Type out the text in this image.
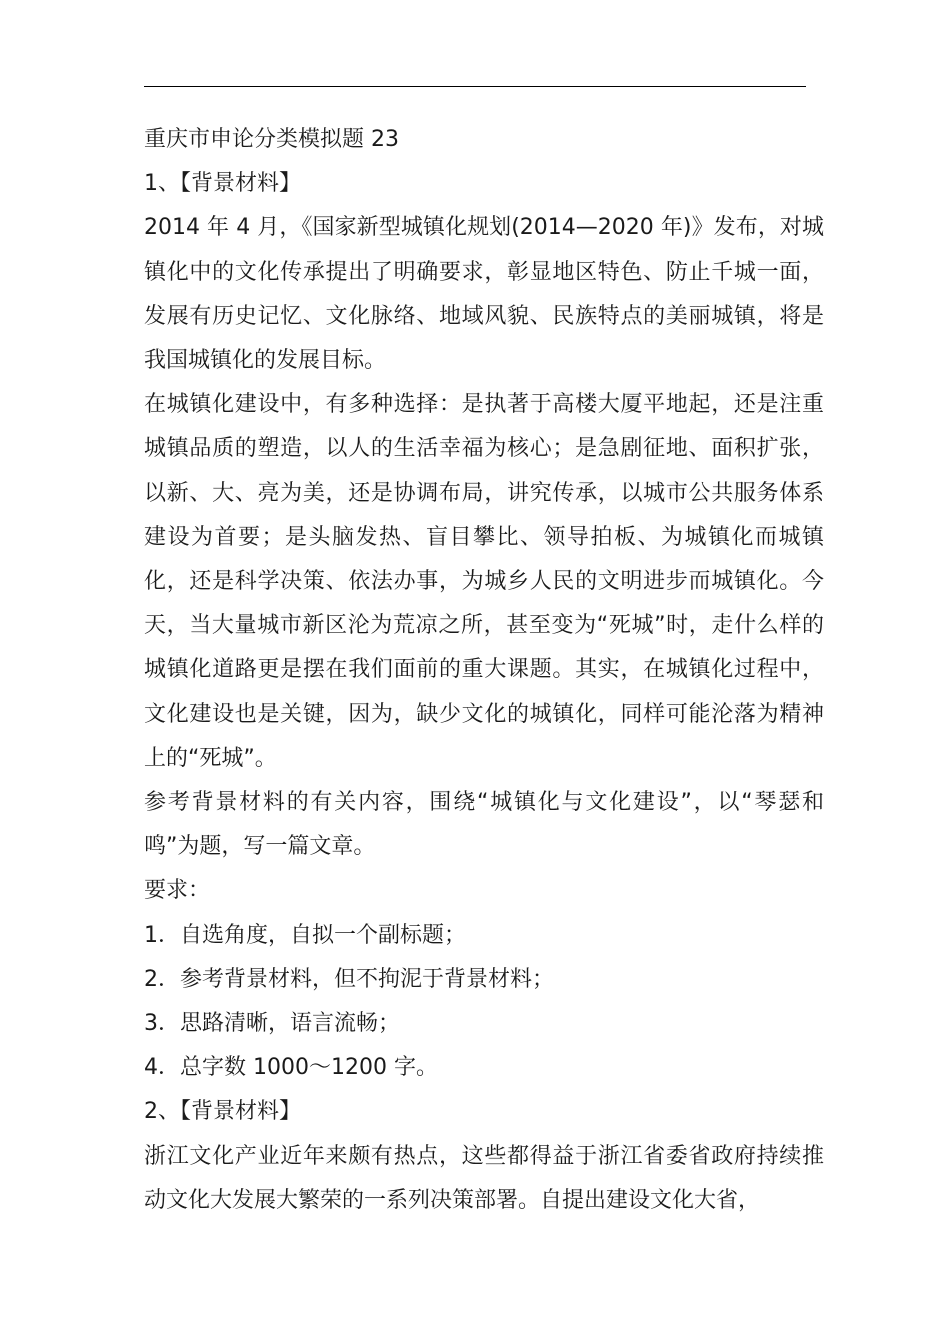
重庆市申论分类模拟题 23

1、【背景材料】

2014 年 4 月，《国家新型城镇化规划(2014—2020 年)》发布，对城镇化中的文化传承提出了明确要求，彰显地区特色、防止千城一面，发展有历史记忆、文化脉络、地域风貌、民族特点的美丽城镇，将是我国城镇化的发展目标。

在城镇化建设中，有多种选择：是执著于高楼大厦平地起，还是注重城镇品质的塑造，以人的生活幸福为核心；是急剧征地、面积扩张，以新、大、亮为美，还是协调布局，讲究传承，以城市公共服务体系建设为首要；是头脑发热、盲目攀比、领导拍板、为城镇化而城镇化，还是科学决策、依法办事，为城乡人民的文明进步而城镇化。今天，当大量城市新区沦为荒凉之所，甚至变为“死城”时，走什么样的城镇化道路更是摆在我们面前的重大课题。其实，在城镇化过程中，文化建设也是关键，因为，缺少文化的城镇化，同样可能沦落为精神上的“死城”。

参考背景材料的有关内容，围绕“城镇化与文化建设”，以“琴瑟和鸣”为题，写一篇文章。

要求：

1．自选角度，自拟一个副标题；

2．参考背景材料，但不拘泥于背景材料；

3．思路清晰，语言流畅；

4．总字数 1000～1200 字。

2、【背景材料】

浙江文化产业近年来颇有热点，这些都得益于浙江省委省政府持续推动文化大发展大繁荣的一系列决策部署。自提出建设文化大省，
